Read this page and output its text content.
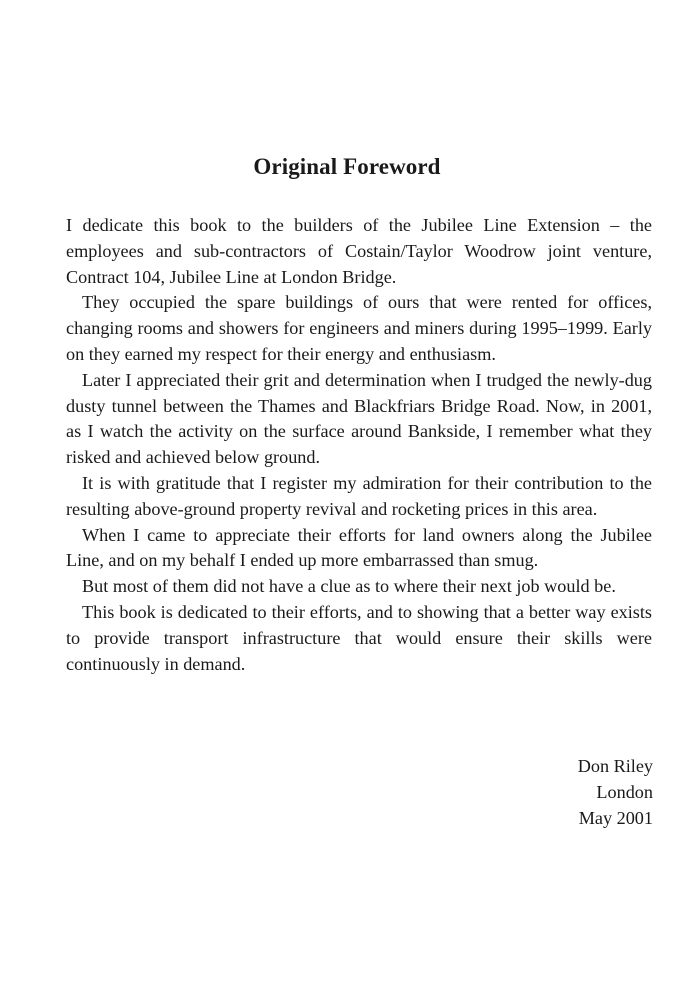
Original Foreword

I dedicate this book to the builders of the Jubilee Line Extension – the employees and sub-contractors of Costain/Taylor Woodrow joint venture, Contract 104, Jubilee Line at London Bridge.

They occupied the spare buildings of ours that were rented for offices, changing rooms and showers for engineers and miners during 1995–1999. Early on they earned my respect for their energy and enthusiasm.

Later I appreciated their grit and determination when I trudged the newly-dug dusty tunnel between the Thames and Blackfriars Bridge Road. Now, in 2001, as I watch the activity on the surface around Bankside, I remember what they risked and achieved below ground.

It is with gratitude that I register my admiration for their contribution to the resulting above-ground property revival and rocketing prices in this area.

When I came to appreciate their efforts for land owners along the Jubilee Line, and on my behalf I ended up more embarrassed than smug.

But most of them did not have a clue as to where their next job would be.

This book is dedicated to their efforts, and to showing that a better way exists to provide transport infrastructure that would ensure their skills were continuously in demand.

Don Riley
London
May 2001
